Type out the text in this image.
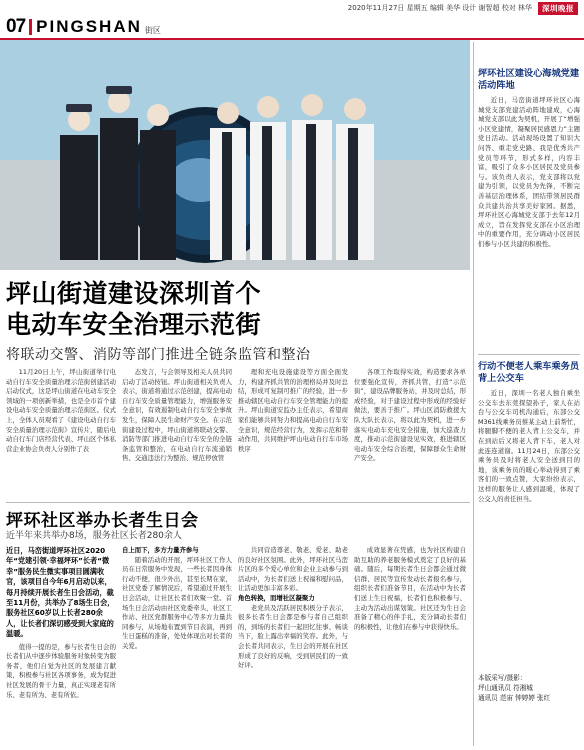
2020年11月27日 星期五 编辑 美华 设计 谢智超 校对 林华	深圳晚报
07 PINGSHAN 街区
坪山街道建设深圳首个
电动车安全治理示范街
将联动交警、消防等部门推进全链条监管和整治

11月20日上午，坪山街道举行电动自行车安全质量治理示范街创建活动启动仪式，这是坪山街道在电动车安全领域的一项创新举措，也是全市首个建设电动车安全质量治理示范街区。仪式上，全体人员观看了《建设电动自行车安全质量治理示范街》宣传片，随后电动自行车门店经营代表、坪山区个体私营企业协会负责人分别作了表

态发言，与会领导及相关人员共同启动了活动按钮。坪山街道相关负责人表示，街道将通过示范创建，提高电动自行车安全质量管理能力，增强服务安全意识，有效遏制电动自行车安全事故发生，保障人民生命财产安全。在示范街建设过程中，坪山街道将联动交警、消防等部门推进电动自行车安全的全链条监管和整治，在电动自行车流通销售、交通违法行为整治、规范停放管

理和充电设施建设等方面全面发力，构建齐抓共管的治理格局并及时总结，形成可复制可推广的经验，进一步推动辖区电动自行车安全管理能力的提升。坪山街道安监办主任表示，希望商家们能够共同努力和提高电动自行车安全意识，规范经营行为，发挥示范和带动作用，共同维护坪山电动自行车市场秩序

各项工作取得实效，构造要求各单位要强化宣传，齐抓共管，打造“示范街”，建设品牌服务站，并及时总结，形成经验，对于建设过程中形成的经验好做法，要善于推广。坪山区消防救援大队大队长表示，将以此为契机，进一步落实电动车充电安全措施，加大巡查力度，推动示范街建设见实效，推进辖区电动车安全综合治理，保障群众生命财产安全。

坪环社区举办长者生日会
近半年来共举办8场，服务社区长者280余人
近日，马峦街道坪环社区2020年“党建引领·幸福坪环”长者“微幸”服务民生微实事项目圆满收官，该项目自今年6月启动以来，每月持续开展长者生日会活动，截至11月份，共举办了8场生日会，服务社区60岁以上长者280余人，让长者们深切感受到大家庭的温暖。

值得一提的是，参与长者生日会的长者们从中逐步体验服务对象转变为服务者，他们自觉为社区的发展建言献策，积极参与社区各项事务，成为促进社区发展的骨干力量，真正实现老有所乐、老有所为、老有所依。

自上而下，多方力量齐参与

随着活动的开展，坪环社区工作人员在日常服务中发现，一些长者因身体行动不便，很少外出，甚至长期在家，社区党委了解情况后，希望通过开展生日会活动，让社区长者们欢聚一堂。首场生日会活动由社区党委牵头，社区工作站、社区党群服务中心等多方力量共同参与，从场地布置到节目表演，再到生日蛋糕的准备，处处体现出对长者的关爱。

共同营造尊老、敬老、爱老、助老的良好社区氛围。此外，坪环社区马峦片区的多个爱心单位和企业主动参与到活动中，为长者们送上祝福和慰问品，让活动更加丰富多彩。

角色转换，而增社区凝聚力

老党员及活跃居民积极分子表示，很多长者生日会都是参与者自己组织的，到场的长者们一起回忆往事、畅谈当下，脸上露出幸福的笑容。此外，与会长者共同表示，生日会的开展在社区形成了良好的反响，受到居民们的一致好评。

成效显著在凭感，也为社区构建自助互助的养老服务模式奠定了良好的基础。随后，每期长者生日会都会通过微信群、居民等宣传发动长者报名参与，组织长者们准备节目，在活动中为长者们送上生日祝福，长者们也积极参与、主动为活动出谋划策。社区还为生日会准备了精心的伴手礼，充分调动长者们的积极性，让他们在参与中获得快乐。

坪环社区建设心海城党建活动阵地

近日，马峦街道坪环社区心海城党支部党建活动阵地建成，心海城党支部以此为契机，开展了“增强小区党建情，凝聚居民感恩力”主题党日活动。活动现场设置了知识大问答、重走党史路、我是优秀共产党员等环节，形式多样，内容丰富，吸引了众多小区居民及党员参与。该负责人表示，党支部将以党建为引领，以党员为先锋，不断完善基层治理体系，团结带领居民群众共建共治共享美好家园。据悉，坪环社区心海城党支部于去年12月成立，旨在发挥党支部在小区治理中的重要作用，充分调动小区居民们参与小区共建的积极性。

行动不便老人乘车乘务员背上公交车

近日，深圳一名老人独自乘坐公交车去东莞探望孙子，家人在站台与公交车司机沟通后，东部公交M361线乘务员蔡某主动上前帮忙，将腿脚不便的老人背上公交车，并在到站后又将老人背下车，老人对此连连道谢。11月24日，东部公交乘务员及时将老人安全送到目的地，该乘务员的暖心举动得到了乘客们的一致点赞，大家纷纷表示，这样的服务让人感到温暖，体现了公交人的责任担当。

本版采写/摄影：
坪山通讯员 符湘城
通讯员 范宙 钟婷婷 张红
